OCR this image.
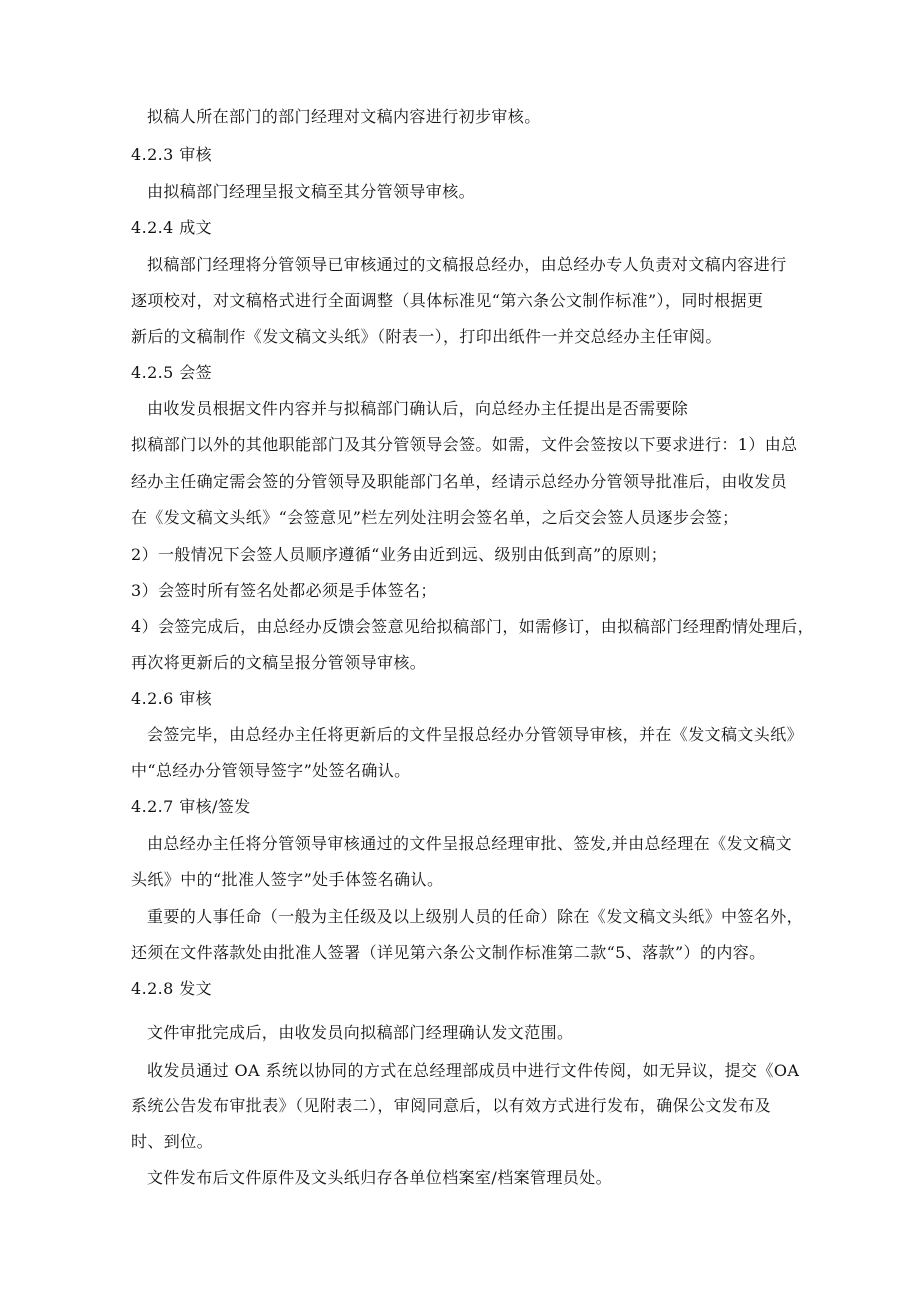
拟稿人所在部门的部门经理对文稿内容进行初步审核。
4.2.3 审核
由拟稿部门经理呈报文稿至其分管领导审核。
4.2.4 成文
拟稿部门经理将分管领导已审核通过的文稿报总经办，由总经办专人负责对文稿内容进行
逐项校对，对文稿格式进行全面调整（具体标准见“第六条公文制作标准”），同时根据更
新后的文稿制作《发文稿文头纸》（附表一），打印出纸件一并交总经办主任审阅。
4.2.5 会签
由收发员根据文件内容并与拟稿部门确认后，向总经办主任提出是否需要除
拟稿部门以外的其他职能部门及其分管领导会签。如需，文件会签按以下要求进行：1）由总
经办主任确定需会签的分管领导及职能部门名单，经请示总经办分管领导批准后，由收发员
在《发文稿文头纸》“会签意见”栏左列处注明会签名单，之后交会签人员逐步会签；
2）一般情况下会签人员顺序遵循“业务由近到远、级别由低到高”的原则；
3）会签时所有签名处都必须是手体签名；
4）会签完成后，由总经办反馈会签意见给拟稿部门，如需修订，由拟稿部门经理酌情处理后，
再次将更新后的文稿呈报分管领导审核。
4.2.6 审核
会签完毕，由总经办主任将更新后的文件呈报总经办分管领导审核，并在《发文稿文头纸》
中“总经办分管领导签字”处签名确认。
4.2.7 审核/签发
由总经办主任将分管领导审核通过的文件呈报总经理审批、签发,并由总经理在《发文稿文
头纸》中的“批准人签字”处手体签名确认。
重要的人事任命（一般为主任级及以上级别人员的任命）除在《发文稿文头纸》中签名外，
还须在文件落款处由批准人签署（详见第六条公文制作标准第二款“5、落款”）的内容。
4.2.8 发文
文件审批完成后，由收发员向拟稿部门经理确认发文范围。
收发员通过 OA 系统以协同的方式在总经理部成员中进行文件传阅，如无异议，提交《OA
系统公告发布审批表》（见附表二），审阅同意后，以有效方式进行发布，确保公文发布及
时、到位。
文件发布后文件原件及文头纸归存各单位档案室/档案管理员处。
